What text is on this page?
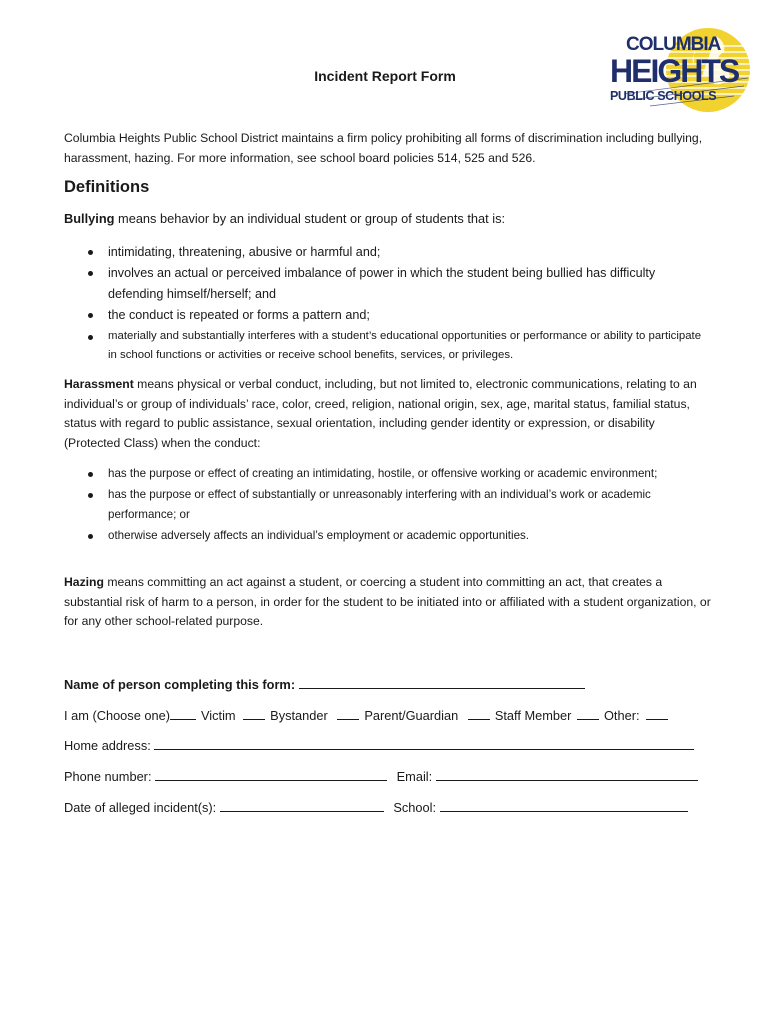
COLUMBIA
HEIGHTS
PUBLIC SCHOOLS
Incident Report Form

Columbia Heights Public School District maintains a firm policy prohibiting all forms of discrimination including bullying, harassment, hazing. For more information, see school board policies 514, 525 and 526.

Definitions

Bullying means behavior by an individual student or group of students that is:

intimidating, threatening, abusive or harmful and;
involves an actual or perceived imbalance of power in which the student being bullied has difficulty defending himself/herself; and
the conduct is repeated or forms a pattern and;
materially and substantially interferes with a student’s educational opportunities or performance or ability to participate in school functions or activities or receive school benefits, services, or privileges.

Harassment means physical or verbal conduct, including, but not limited to, electronic communications, relating to an individual’s or group of individuals’ race, color, creed, religion, national origin, sex, age, marital status, familial status, status with regard to public assistance, sexual orientation, including gender identity or expression, or disability (Protected Class) when the conduct:

has the purpose or effect of creating an intimidating, hostile, or offensive working or academic environment;
has the purpose or effect of substantially or unreasonably interfering with an individual’s work or academic performance; or
otherwise adversely affects an individual’s employment or academic opportunities.

Hazing means committing an act against a student, or coercing a student into committing an act, that creates a substantial risk of harm to a person, in order for the student to be initiated into or affiliated with a student organization, or for any other school-related purpose.

Name of person completing this form:
I am (Choose one) Victim	Bystander	Parent/Guardian	Staff Member	Other:
Home address:
Phone number:	Email:
Date of alleged incident(s):	School:
